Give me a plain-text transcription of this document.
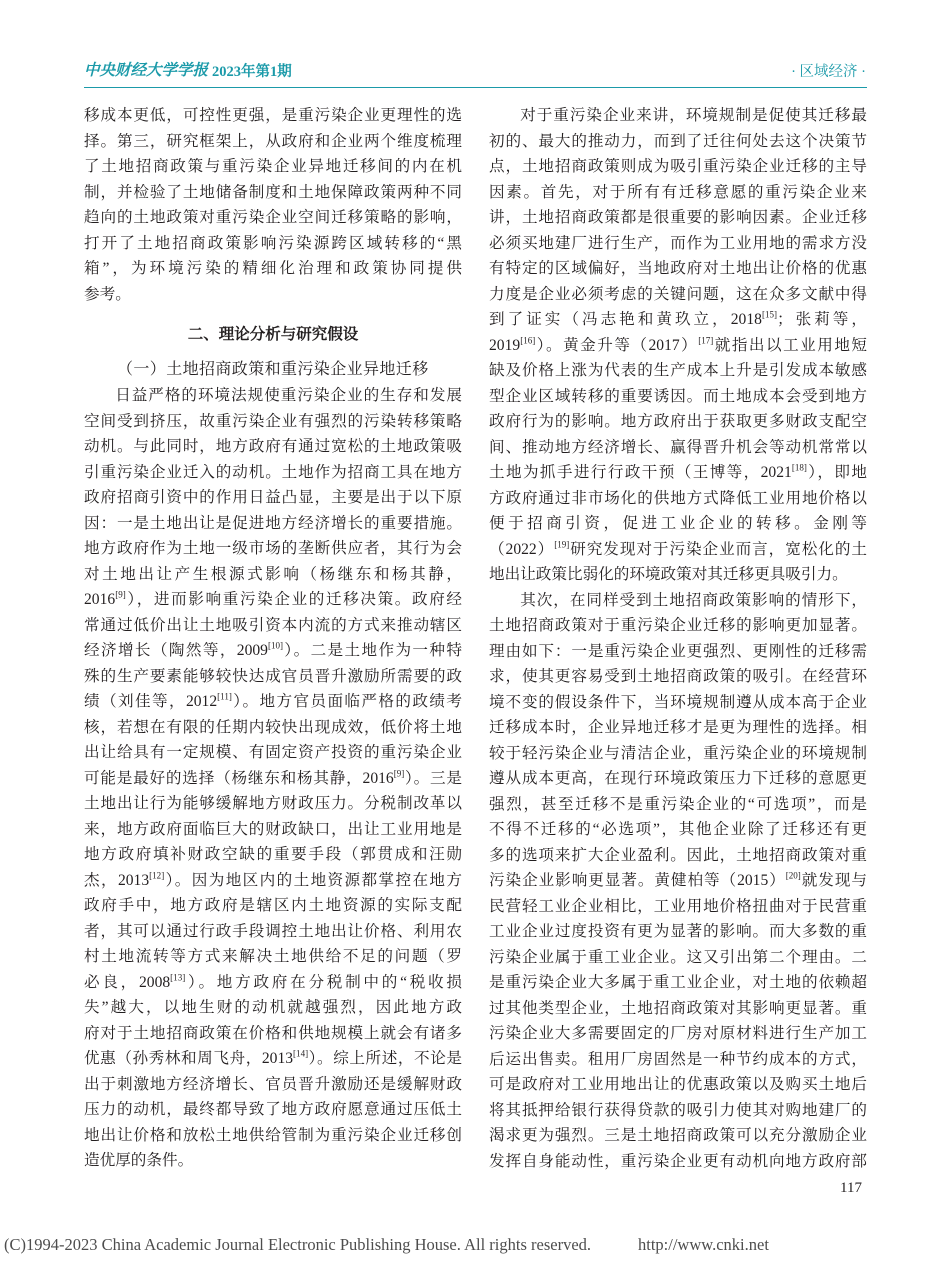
中央财经大学学报 2023年第1期	· 区域经济 ·
移成本更低，可控性更强，是重污染企业更理性的选
择。第三，研究框架上，从政府和企业两个维度梳理
了土地招商政策与重污染企业异地迁移间的内在机
制，并检验了土地储备制度和土地保障政策两种不同
趋向的土地政策对重污染企业空间迁移策略的影响，
打开了土地招商政策影响污染源跨区域转移的“黑
箱”，为环境污染的精细化治理和政策协同提供
参考。
二、理论分析与研究假设
（一）土地招商政策和重污染企业异地迁移
日益严格的环境法规使重污染企业的生存和发展
空间受到挤压，故重污染企业有强烈的污染转移策略
动机。与此同时，地方政府有通过宽松的土地政策吸
引重污染企业迁入的动机。土地作为招商工具在地方
政府招商引资中的作用日益凸显，主要是出于以下原
因：一是土地出让是促进地方经济增长的重要措施。
地方政府作为土地一级市场的垄断供应者，其行为会
对土地出让产生根源式影响（杨继东和杨其静，
2016[9]），进而影响重污染企业的迁移决策。政府经
常通过低价出让土地吸引资本内流的方式来推动辖区
经济增长（陶然等，2009[10]）。二是土地作为一种特
殊的生产要素能够较快达成官员晋升激励所需要的政
绩（刘佳等，2012[11]）。地方官员面临严格的政绩考
核，若想在有限的任期内较快出现成效，低价将土地
出让给具有一定规模、有固定资产投资的重污染企业
可能是最好的选择（杨继东和杨其静，2016[9]）。三是
土地出让行为能够缓解地方财政压力。分税制改革以
来，地方政府面临巨大的财政缺口，出让工业用地是
地方政府填补财政空缺的重要手段（郭贯成和汪勋
杰，2013[12]）。因为地区内的土地资源都掌控在地方
政府手中，地方政府是辖区内土地资源的实际支配
者，其可以通过行政手段调控土地出让价格、利用农
村土地流转等方式来解决土地供给不足的问题（罗
必良，2008[13]）。地方政府在分税制中的“税收损
失”越大，以地生财的动机就越强烈，因此地方政
府对于土地招商政策在价格和供地规模上就会有诸多
优惠（孙秀林和周飞舟，2013[14]）。综上所述，不论是
出于刺激地方经济增长、官员晋升激励还是缓解财政
压力的动机，最终都导致了地方政府愿意通过压低土
地出让价格和放松土地供给管制为重污染企业迁移创
造优厚的条件。
对于重污染企业来讲，环境规制是促使其迁移最
初的、最大的推动力，而到了迁往何处去这个决策节
点，土地招商政策则成为吸引重污染企业迁移的主导
因素。首先，对于所有有迁移意愿的重污染企业来
讲，土地招商政策都是很重要的影响因素。企业迁移
必须买地建厂进行生产，而作为工业用地的需求方没
有特定的区域偏好，当地政府对土地出让价格的优惠
力度是企业必须考虑的关键问题，这在众多文献中得
到了证实（冯志艳和黄玖立，2018[15]；张莉等，
2019[16]）。黄金升等（2017）[17]就指出以工业用地短
缺及价格上涨为代表的生产成本上升是引发成本敏感
型企业区域转移的重要诱因。而土地成本会受到地方
政府行为的影响。地方政府出于获取更多财政支配空
间、推动地方经济增长、赢得晋升机会等动机常常以
土地为抓手进行行政干预（王博等，2021[18]），即地
方政府通过非市场化的供地方式降低工业用地价格以
便于招商引资，促进工业企业的转移。金刚等
（2022）[19]研究发现对于污染企业而言，宽松化的土
地出让政策比弱化的环境政策对其迁移更具吸引力。
其次，在同样受到土地招商政策影响的情形下，
土地招商政策对于重污染企业迁移的影响更加显著。
理由如下：一是重污染企业更强烈、更刚性的迁移需
求，使其更容易受到土地招商政策的吸引。在经营环
境不变的假设条件下，当环境规制遵从成本高于企业
迁移成本时，企业异地迁移才是更为理性的选择。相
较于轻污染企业与清洁企业，重污染企业的环境规制
遵从成本更高，在现行环境政策压力下迁移的意愿更
强烈，甚至迁移不是重污染企业的“可选项”，而是
不得不迁移的“必选项”，其他企业除了迁移还有更
多的选项来扩大企业盈利。因此，土地招商政策对重
污染企业影响更显著。黄健柏等（2015）[20]就发现与
民营轻工业企业相比，工业用地价格扭曲对于民营重
工业企业过度投资有更为显著的影响。而大多数的重
污染企业属于重工业企业。这又引出第二个理由。二
是重污染企业大多属于重工业企业，对土地的依赖超
过其他类型企业，土地招商政策对其影响更显著。重
污染企业大多需要固定的厂房对原材料进行生产加工
后运出售卖。租用厂房固然是一种节约成本的方式，
可是政府对工业用地出让的优惠政策以及购买土地后
将其抵押给银行获得贷款的吸引力使其对购地建厂的
渴求更为强烈。三是土地招商政策可以充分激励企业
发挥自身能动性，重污染企业更有动机向地方政府部
117
(C)1994-2023 China Academic Journal Electronic Publishing House. All rights reserved.	http://www.cnki.net
